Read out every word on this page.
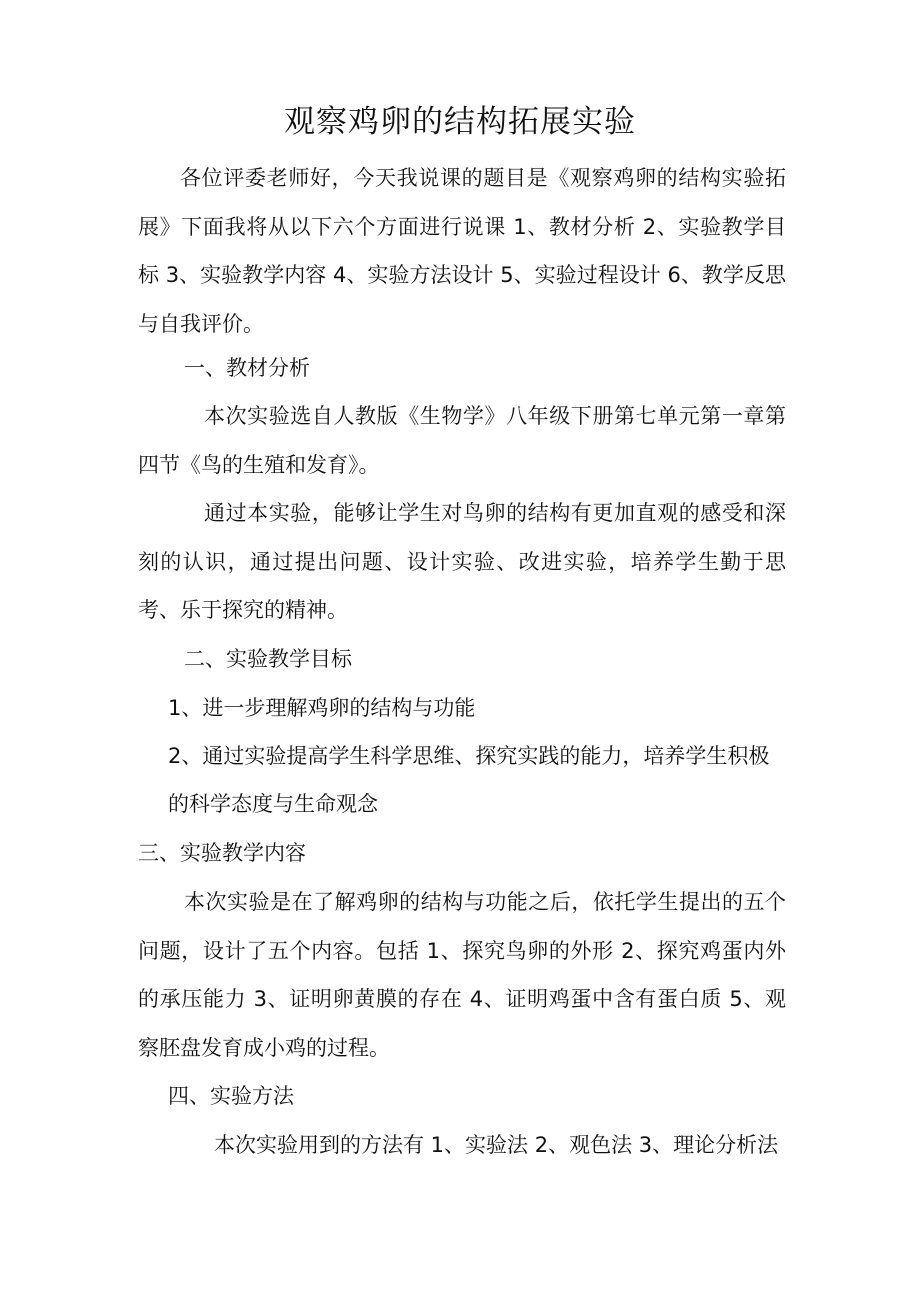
观察鸡卵的结构拓展实验

各位评委老师好，今天我说课的题目是《观察鸡卵的结构实验拓展》下面我将从以下六个方面进行说课 1、教材分析 2、实验教学目标 3、实验教学内容 4、实验方法设计 5、实验过程设计 6、教学反思与自我评价。

一、教材分析

本次实验选自人教版《生物学》八年级下册第七单元第一章第四节《鸟的生殖和发育》。

通过本实验，能够让学生对鸟卵的结构有更加直观的感受和深刻的认识，通过提出问题、设计实验、改进实验，培养学生勤于思考、乐于探究的精神。

二、实验教学目标

1、进一步理解鸡卵的结构与功能

2、通过实验提高学生科学思维、探究实践的能力，培养学生积极

的科学态度与生命观念

三、实验教学内容

本次实验是在了解鸡卵的结构与功能之后，依托学生提出的五个问题，设计了五个内容。包括 1、探究鸟卵的外形 2、探究鸡蛋内外的承压能力 3、证明卵黄膜的存在 4、证明鸡蛋中含有蛋白质 5、观察胚盘发育成小鸡的过程。

四、实验方法

本次实验用到的方法有 1、实验法 2、观色法 3、理论分析法
